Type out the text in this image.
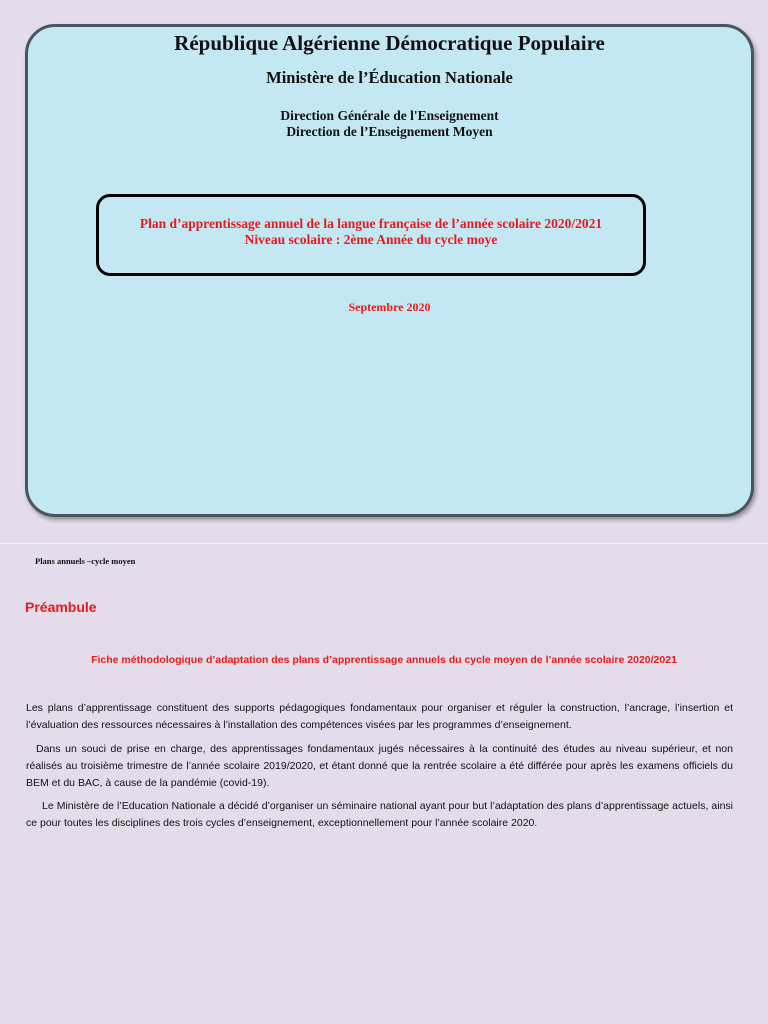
République Algérienne Démocratique Populaire
Ministère de l’Éducation Nationale
Direction Générale de l'Enseignement
Direction de l’Enseignement Moyen
Plan d’apprentissage annuel de la langue française de l’année scolaire 2020/2021
Niveau scolaire : 2ème Année du cycle moye
Septembre 2020
Plans annuels –cycle moyen
Préambule
Fiche méthodologique d’adaptation des plans d’apprentissage annuels du cycle moyen de l’année scolaire 2020/2021

Les plans d’apprentissage constituent des supports pédagogiques fondamentaux pour organiser et réguler la construction, l’ancrage, l’insertion et l’évaluation des ressources nécessaires à l’installation des compétences visées par les programmes d’enseignement.

Dans un souci de prise en charge, des apprentissages fondamentaux jugés nécessaires à la continuité des études au niveau supérieur, et non réalisés au troisième trimestre de l’année scolaire 2019/2020, et étant donné que la rentrée scolaire a été différée pour après les examens officiels du BEM et du BAC, à cause de la pandémie (covid-19).

Le Ministère de l’Education Nationale a décidé d’organiser un séminaire national ayant pour but l’adaptation des plans d’apprentissage actuels, ainsi ce pour toutes les disciplines des trois cycles d’enseignement, exceptionnellement pour l’année scolaire 2020.
